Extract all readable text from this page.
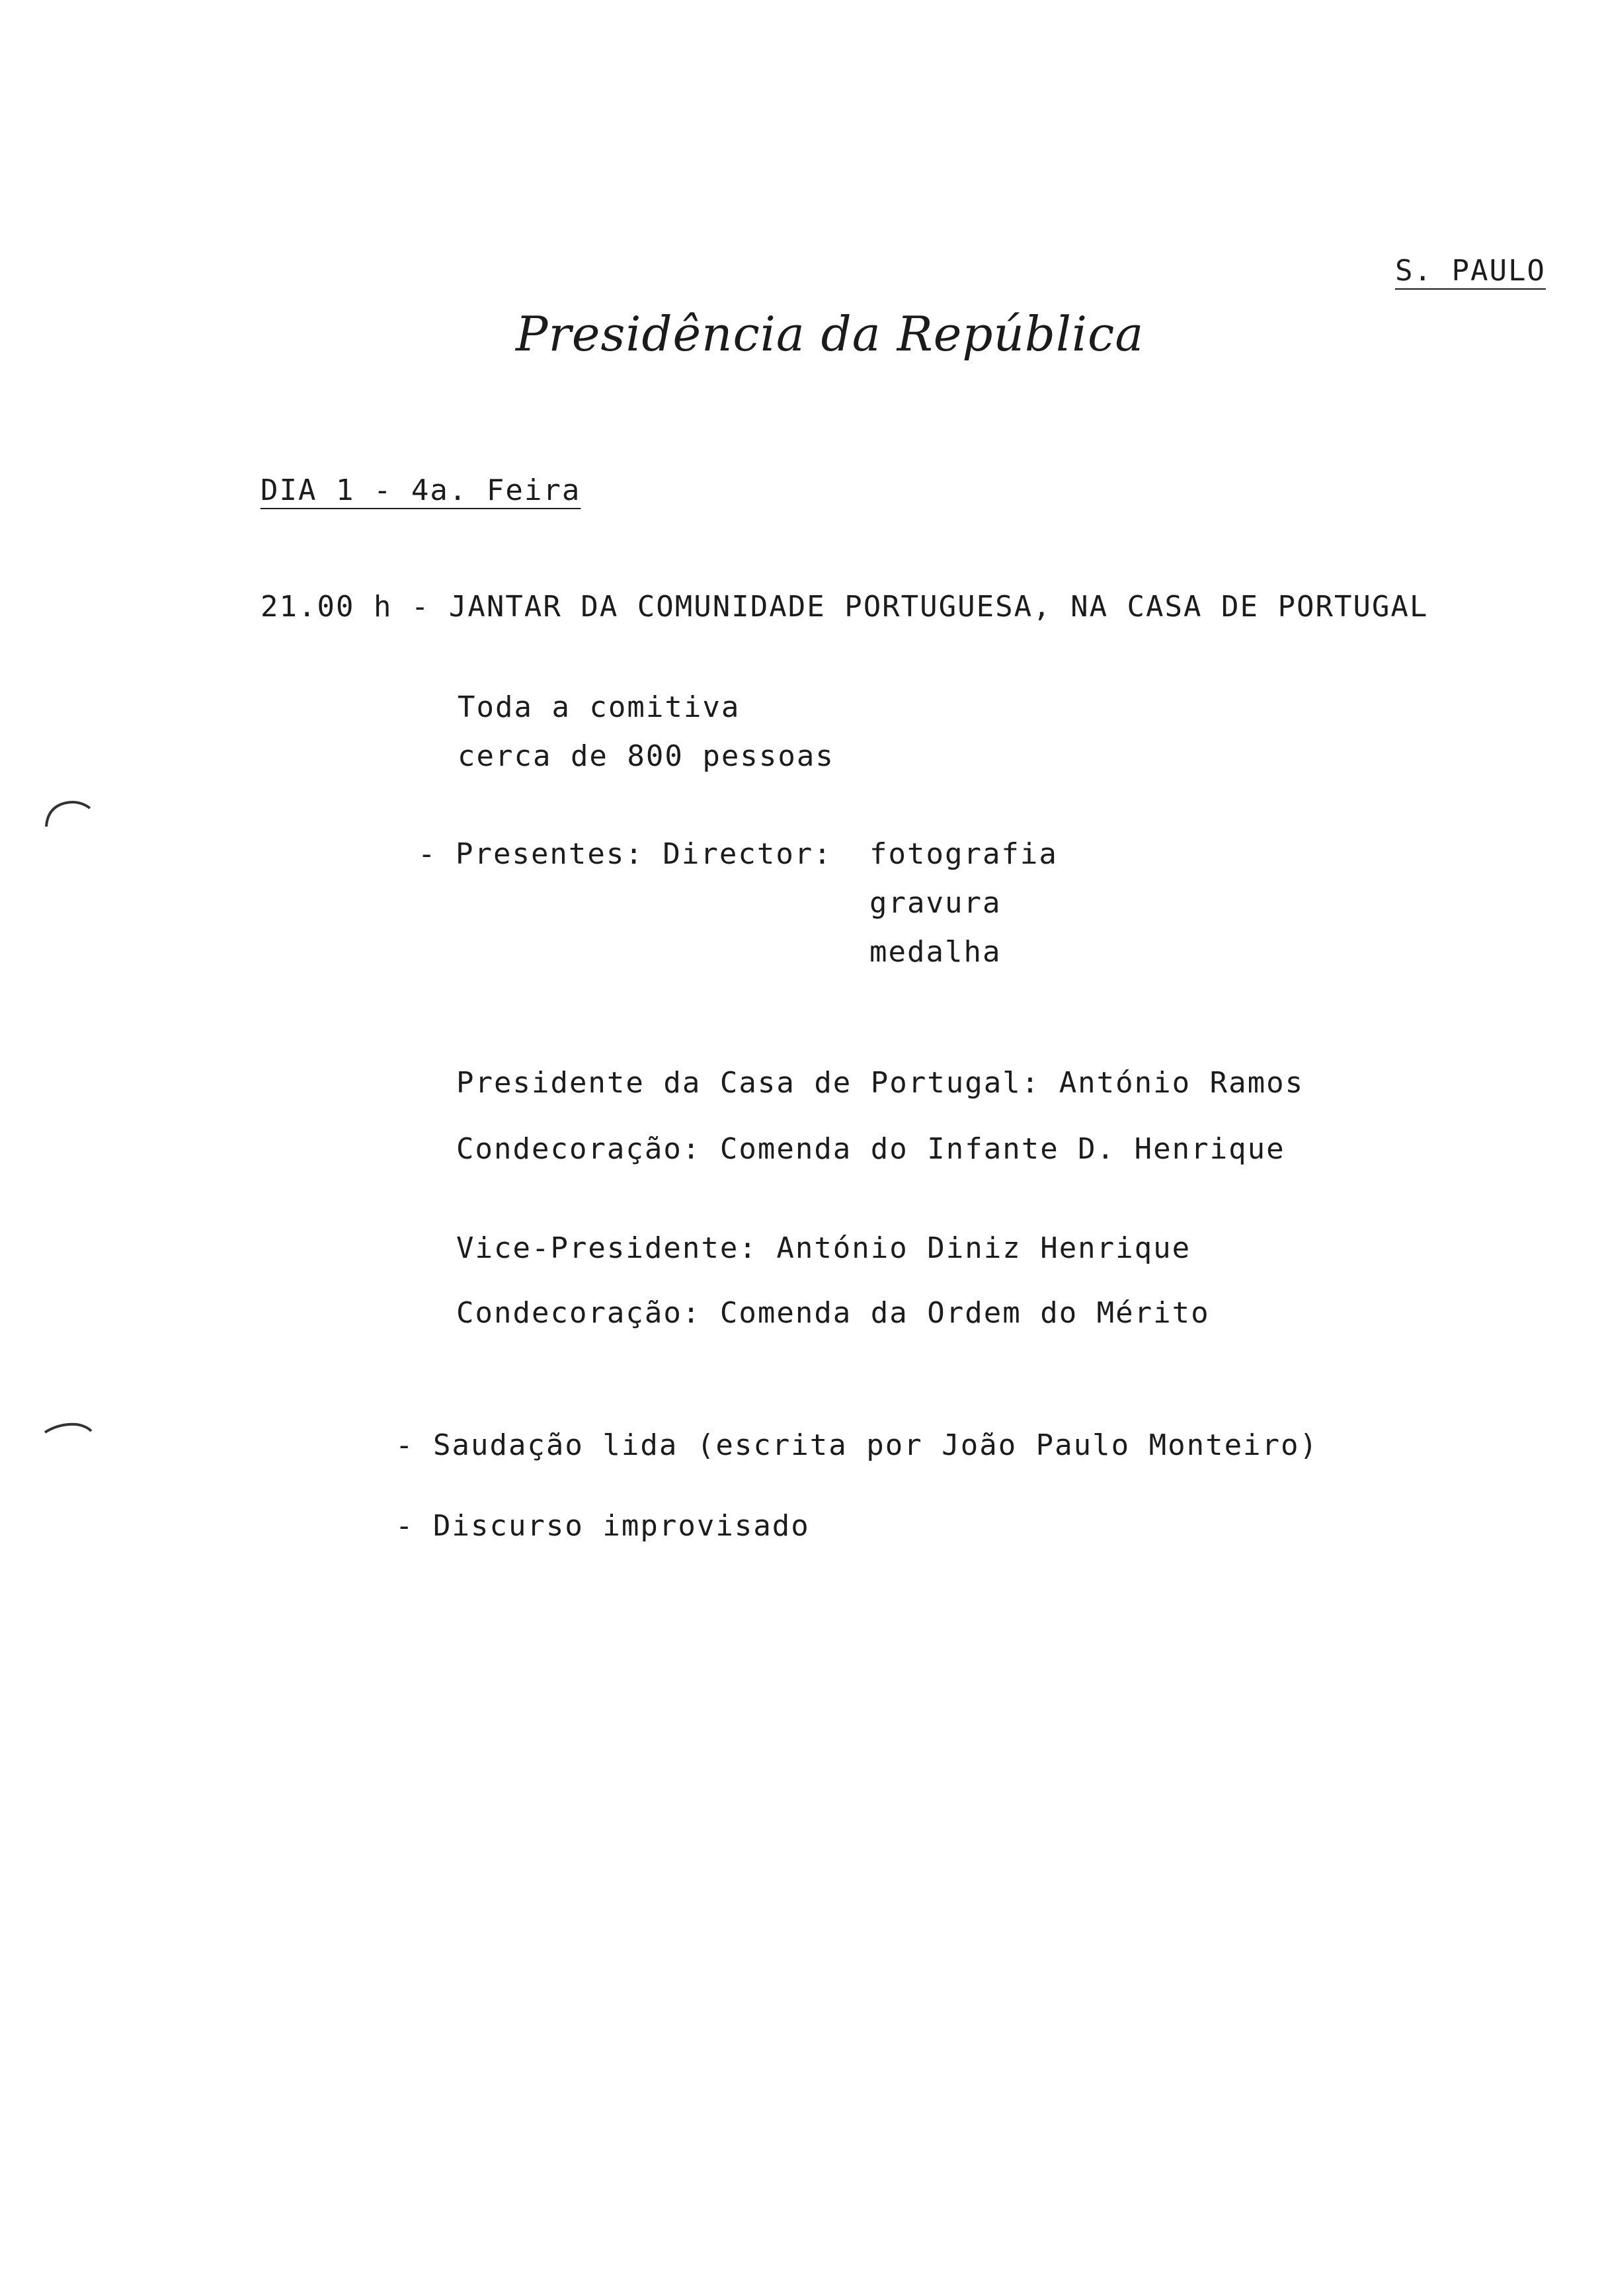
S. PAULO
Presidência da República
DIA 1 - 4a. Feira
21.00 h - JANTAR DA COMUNIDADE PORTUGUESA, NA CASA DE PORTUGAL
Toda a comitiva
cerca de 800 pessoas
- Presentes: Director: fotografia
gravura
medalha
Presidente da Casa de Portugal: António Ramos
Condecoração: Comenda do Infante D. Henrique
Vice-Presidente: António Diniz Henrique
Condecoração: Comenda da Ordem do Mérito
- Saudação lida (escrita por João Paulo Monteiro)
- Discurso improvisado
